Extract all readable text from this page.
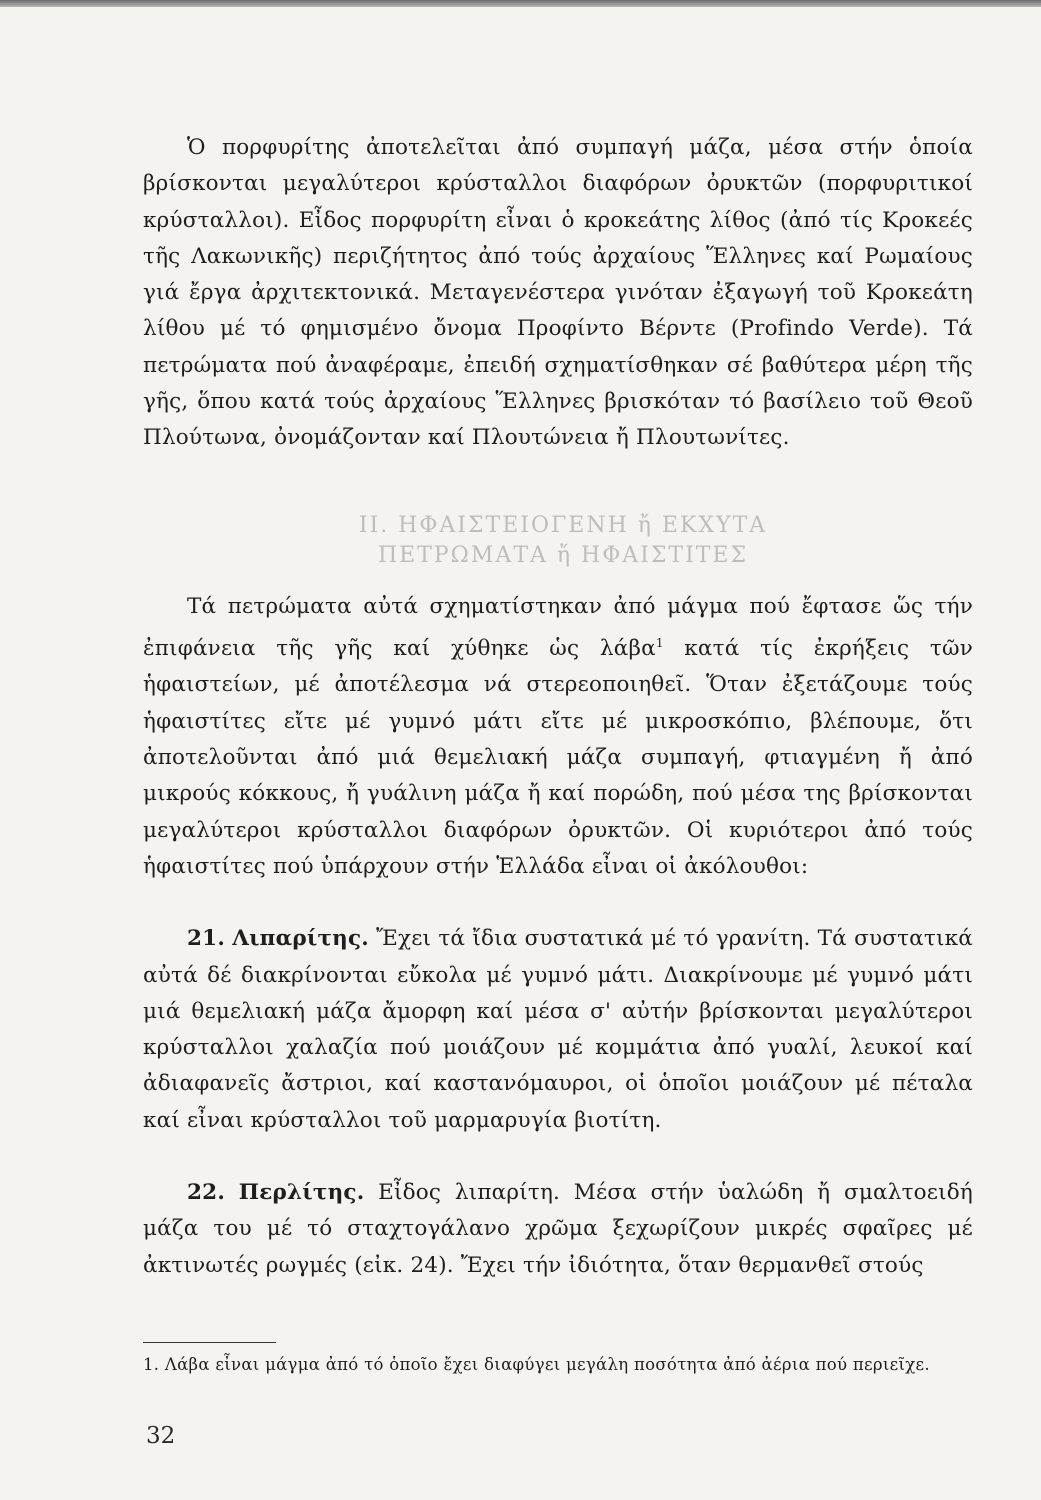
Ὁ πορφυρίτης ἀποτελεῖται ἀπό συμπαγή μάζα, μέσα στήν ὁποία βρίσκονται μεγαλύτεροι κρύσταλλοι διαφόρων ὀρυκτῶν (πορφυριτικοί κρύσταλλοι). Εἶδος πορφυρίτη εἶναι ὁ κροκεάτης λίθος (ἀπό τίς Κροκεές τῆς Λακωνικῆς) περιζήτητος ἀπό τούς ἀρχαίους Ἕλληνες καί Ρωμαίους γιά ἔργα ἀρχιτεκτονικά. Μεταγενέστερα γινόταν ἐξαγωγή τοῦ Κροκεάτη λίθου μέ τό φημισμένο ὄνομα Προφίντο Βέρντε (Profindo Verde). Τά πετρώματα πού ἀναφέραμε, ἐπειδή σχηματίσθηκαν σέ βαθύτερα μέρη τῆς γῆς, ὅπου κατά τούς ἀρχαίους Ἕλληνες βρισκόταν τό βασίλειο τοῦ Θεοῦ Πλούτωνα, ὀνομάζονταν καί Πλουτώνεια ἤ Πλουτωνίτες.

ΙΙ. ΗΦΑΙΣΤΕΙΟΓΕΝΗ ἤ ΕΚΧΥΤΑ
ΠΕΤΡΩΜΑΤΑ ἤ ΗΦΑΙΣΤΙΤΕΣ

Τά πετρώματα αὐτά σχηματίστηκαν ἀπό μάγμα πού ἔφτασε ὥς τήν ἐπιφάνεια τῆς γῆς καί χύθηκε ὡς λάβα$^1$ κατά τίς ἐκρήξεις τῶν ἡφαιστείων, μέ ἀποτέλεσμα νά στερεοποιηθεῖ. Ὅταν ἐξετάζουμε τούς ἡφαιστίτες εἴτε μέ γυμνό μάτι εἴτε μέ μικροσκόπιο, βλέπουμε, ὅτι ἀποτελοῦνται ἀπό μιά θεμελιακή μάζα συμπαγή, φτιαγμένη ἤ ἀπό μικρούς κόκκους, ἤ γυάλινη μάζα ἤ καί πορώδη, πού μέσα της βρίσκονται μεγαλύτεροι κρύσταλλοι διαφόρων ὀρυκτῶν. Οἱ κυριότεροι ἀπό τούς ἡφαιστίτες πού ὑπάρχουν στήν Ἑλλάδα εἶναι οἱ ἀκόλουθοι:

21. Λιπαρίτης. Ἔχει τά ἴδια συστατικά μέ τό γρανίτη. Τά συστατικά αὐτά δέ διακρίνονται εὔκολα μέ γυμνό μάτι. Διακρίνουμε μέ γυμνό μάτι μιά θεμελιακή μάζα ἄμορφη καί μέσα σ' αὐτήν βρίσκονται μεγαλύτεροι κρύσταλλοι χαλαζία πού μοιάζουν μέ κομμάτια ἀπό γυαλί, λευκοί καί ἀδιαφανεῖς ἄστριοι, καί καστανόμαυροι, οἱ ὁποῖοι μοιάζουν μέ πέταλα καί εἶναι κρύσταλλοι τοῦ μαρμαρυγία βιοτίτη.

22. Περλίτης. Εἶδος λιπαρίτη. Μέσα στήν ὑαλώδη ἤ σμαλτοειδή μάζα του μέ τό σταχτογάλανο χρῶμα ξεχωρίζουν μικρές σφαῖρες μέ ἀκτινωτές ρωγμές (εἰκ. 24). Ἔχει τήν ἰδιότητα, ὅταν θερμανθεῖ στούς

1. Λάβα εἶναι μάγμα ἀπό τό ὁποῖο ἔχει διαφύγει μεγάλη ποσότητα ἀπό ἀέρια πού περιεῖχε.

32
